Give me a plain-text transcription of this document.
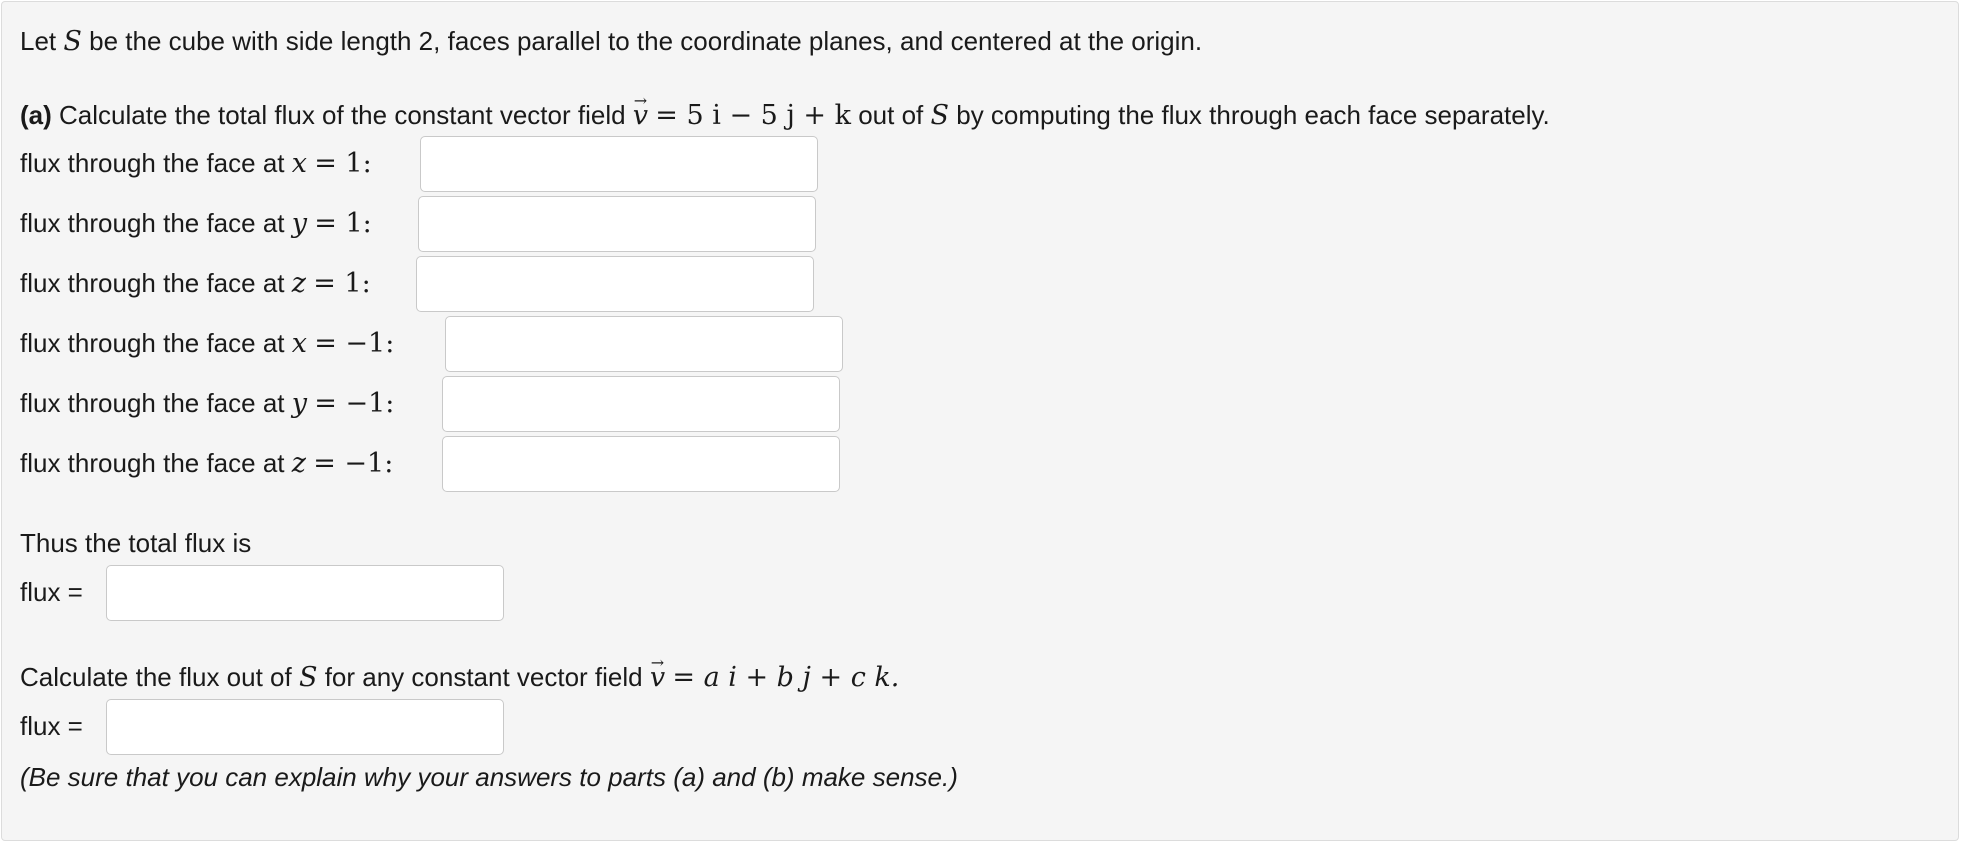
Let S be the cube with side length 2, faces parallel to the coordinate planes, and centered at the origin.
(a) Calculate the total flux of the constant vector field v → = 5 i − 5 j + k out of S by computing the flux through each face separately.
flux through the face at x = 1:
flux through the face at y = 1:
flux through the face at z = 1:
flux through the face at x = −1:
flux through the face at y = −1:
flux through the face at z = −1:
Thus the total flux is
flux =
Calculate the flux out of S for any constant vector field v → = a i + b j + c k.
flux =
(Be sure that you can explain why your answers to parts (a) and (b) make sense.)
